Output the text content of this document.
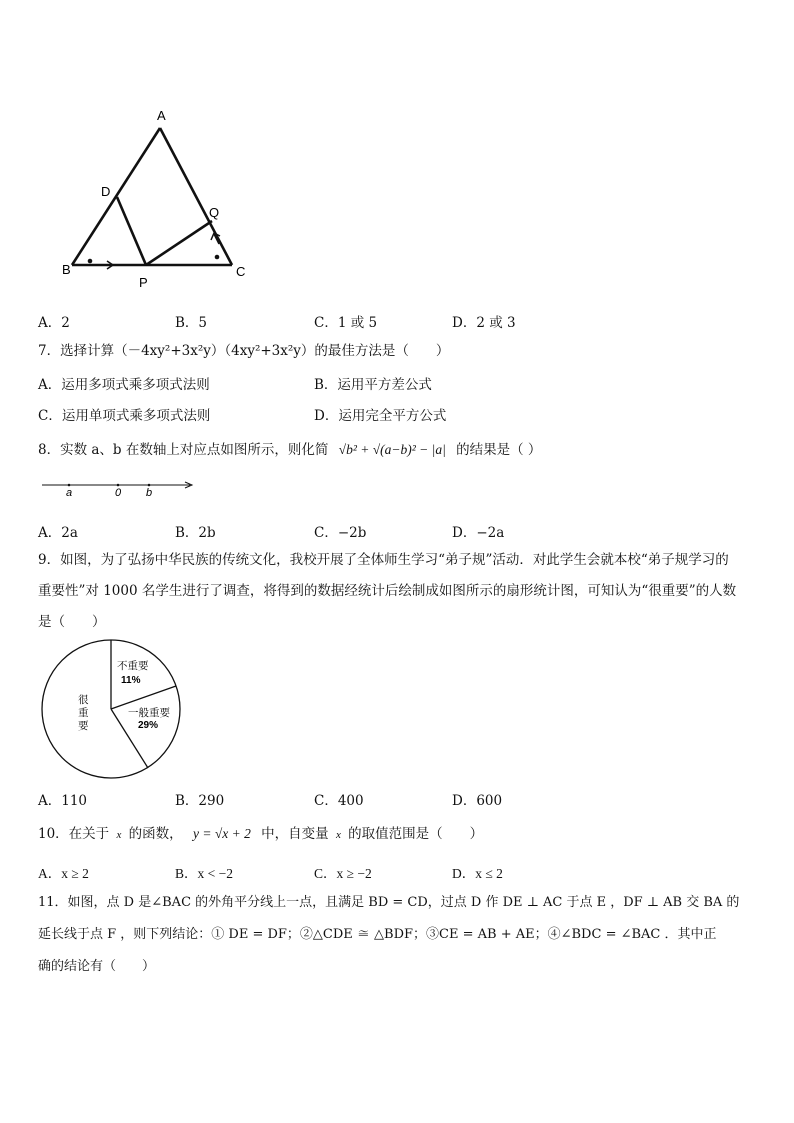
A
D
Q
B
P
C
A．2	B．5	C．1 或 5	D．2 或 3
7．选择计算（－4xy²+3x²y）（4xy²+3x²y）的最佳方法是（　　）
A．运用多项式乘多项式法则	B．运用平方差公式
C．运用单项式乘多项式法则	D．运用完全平方公式
8．实数 a、b 在数轴上对应点如图所示，则化简 √b² + √(a−b)² − |a| 的结果是（ ）
a	0 b
A．2a	B．2b	C．−2b	D．−2a
9．如图，为了弘扬中华民族的传统文化，我校开展了全体师生学习“弟子规”活动．对此学生会就本校“弟子规学习的
重要性”对 1000 名学生进行了调查，将得到的数据经统计后绘制成如图所示的扇形统计图，可知认为“很重要”的人数
是（　　）
不重要
11%
一般重要
29%
很
重
要
A．110	B．290	C．400	D．600
10．在关于 x 的函数， y = √x + 2 中，自变量 x 的取值范围是（　　）
A．x ≥ 2	B．x < −2	C．x ≥ −2	D．x ≤ 2
11．如图，点 D 是∠BAC 的外角平分线上一点，且满足 BD = CD，过点 D 作 DE ⊥ AC 于点 E ，DF ⊥ AB 交 BA 的
延长线于点 F ，则下列结论：① DE = DF；②△CDE ≅ △BDF；③CE = AB + AE；④∠BDC = ∠BAC ．其中正
确的结论有（　　）
